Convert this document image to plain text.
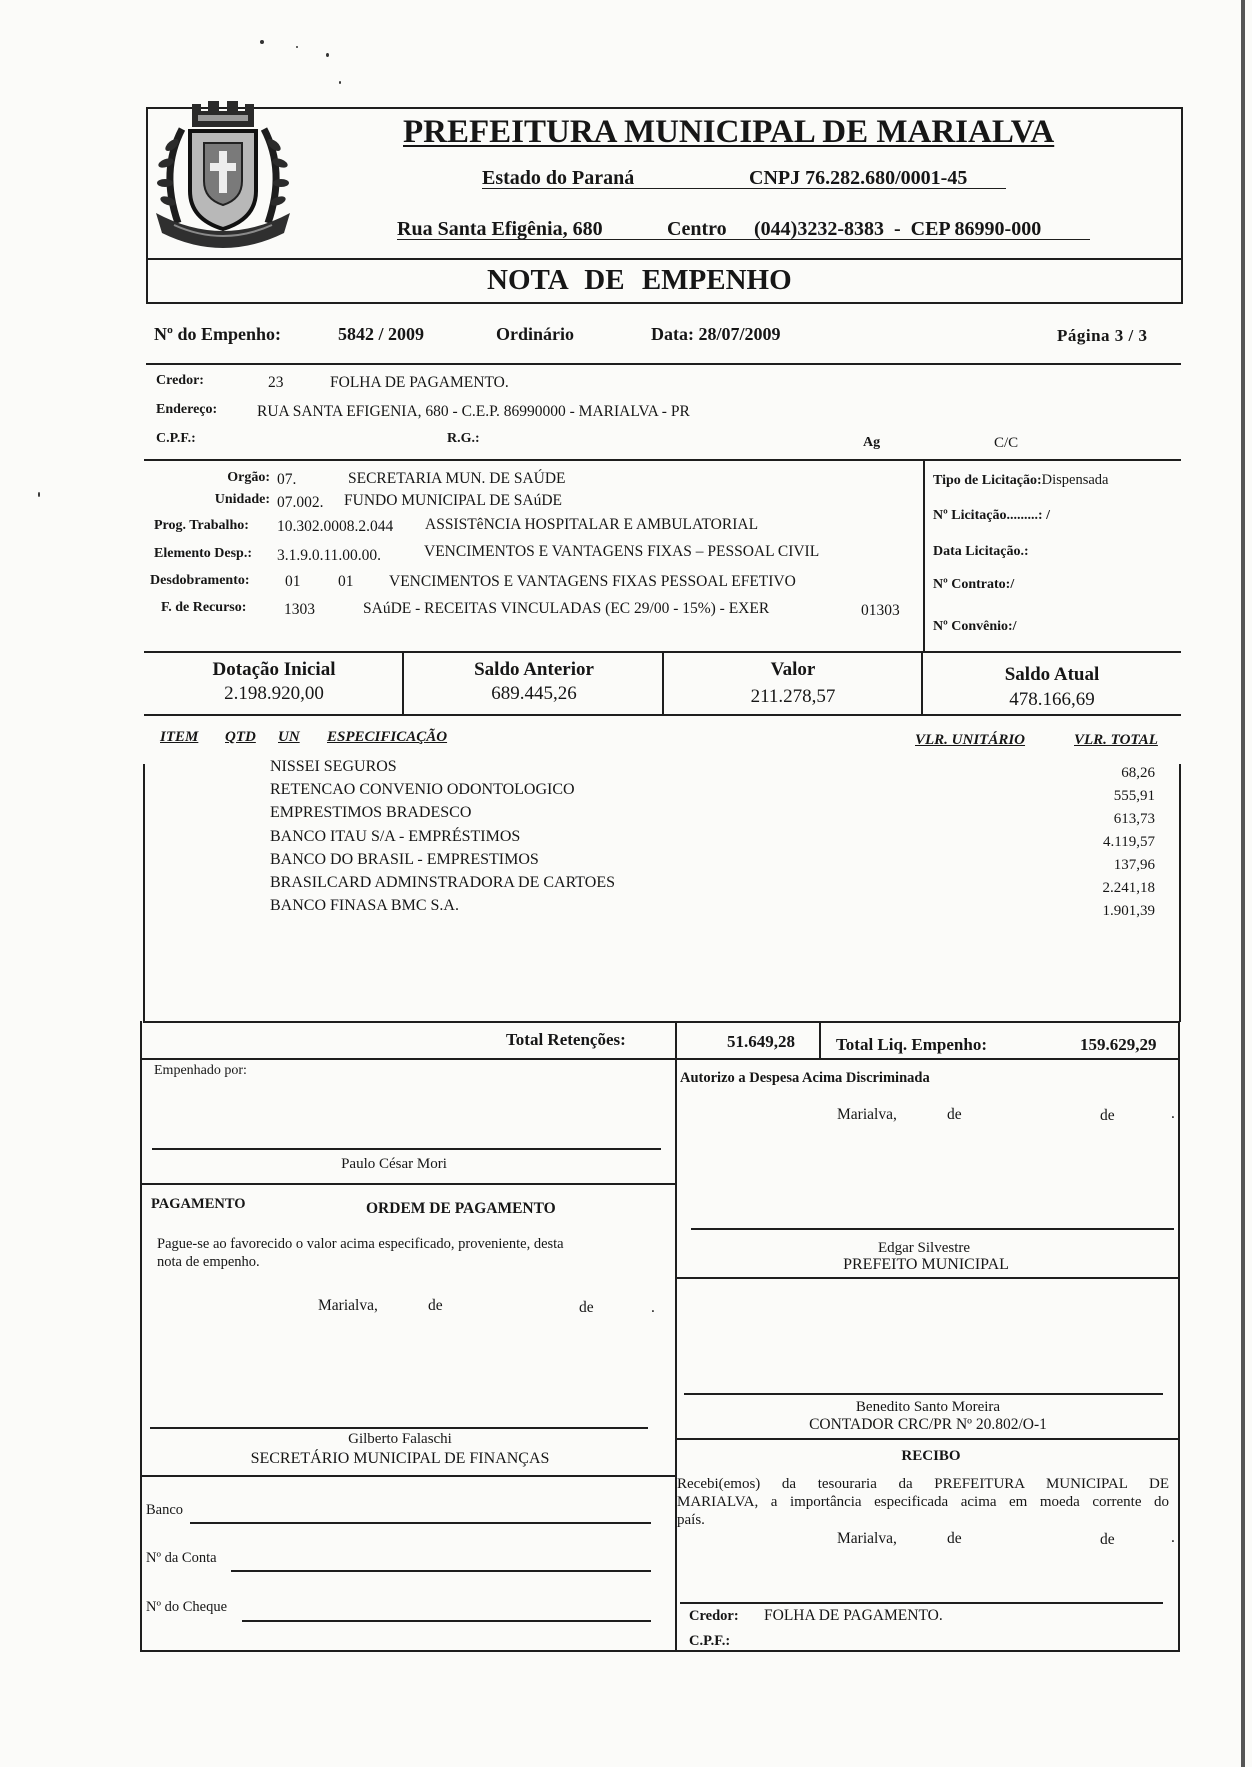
PREFEITURA MUNICIPAL DE MARIALVA
Estado do Paraná	CNPJ 76.282.680/0001-45
Rua Santa Efigênia, 680	Centro (044)3232-8383  -  CEP 86990-000
NOTA DE EMPENHO
Nº do Empenho:	5842 / 2009	Ordinário	Data: 28/07/2009	Página 3 / 3
Credor:	23	FOLHA DE PAGAMENTO.
Endereço:	RUA SANTA EFIGENIA, 680 - C.E.P. 86990000 - MARIALVA - PR
C.P.F.:	R.G.:	Ag	C/C
Orgão: 07.	SECRETARIA MUN. DE SAÚDE
Unidade: 07.002. FUNDO MUNICIPAL DE SAúDE
Prog. Trabalho: 10.302.0008.2.044 ASSISTêNCIA HOSPITALAR E AMBULATORIAL
Elemento Desp.: 3.1.9.0.11.00.00.	VENCIMENTOS E VANTAGENS FIXAS – PESSOAL CIVIL
Desdobramento: 01 01 VENCIMENTOS E VANTAGENS FIXAS PESSOAL EFETIVO
F. de Recurso: 1303	SAúDE - RECEITAS VINCULADAS (EC 29/00 - 15%) - EXER	01303
Tipo de Licitação:Dispensada
Nº Licitação.........: /
Data Licitação.:
Nº Contrato:/
Nº Convênio:/
Dotação Inicial
2.198.920,00
Saldo Anterior
689.445,26
Valor
211.278,57
Saldo Atual
478.166,69
ITEM QTD UN ESPECIFICAÇÃO	VLR. UNITÁRIO	VLR. TOTAL
NISSEI SEGUROS	68,26
RETENCAO CONVENIO ODONTOLOGICO	555,91
EMPRESTIMOS BRADESCO	613,73
BANCO ITAU S/A - EMPRÉSTIMOS	4.119,57
BANCO DO BRASIL - EMPRESTIMOS	137,96
BRASILCARD ADMINSTRADORA DE CARTOES	2.241,18
BANCO FINASA BMC S.A.	1.901,39
Total Retenções:	51.649,28 Total Liq. Empenho:	159.629,29
Empenhado por:
Paulo César Mori
PAGAMENTO	ORDEM DE PAGAMENTO
Pague-se ao favorecido o valor acima especificado, proveniente, desta
nota de empenho.
Marialva,	de	de	.
Gilberto Falaschi
SECRETÁRIO MUNICIPAL DE FINANÇAS
Banco
Nº da Conta
Nº do Cheque
Autorizo a Despesa Acima Discriminada
Marialva,	de	de	.
Edgar Silvestre
PREFEITO MUNICIPAL
Benedito Santo Moreira
CONTADOR CRC/PR Nº 20.802/O-1
RECIBO
Recebi(emos) da tesouraria da PREFEITURA MUNICIPAL DE
MARIALVA, a importância especificada acima em moeda corrente do
país.
Marialva,	de	de	.
Credor: FOLHA DE PAGAMENTO.
C.P.F.:
